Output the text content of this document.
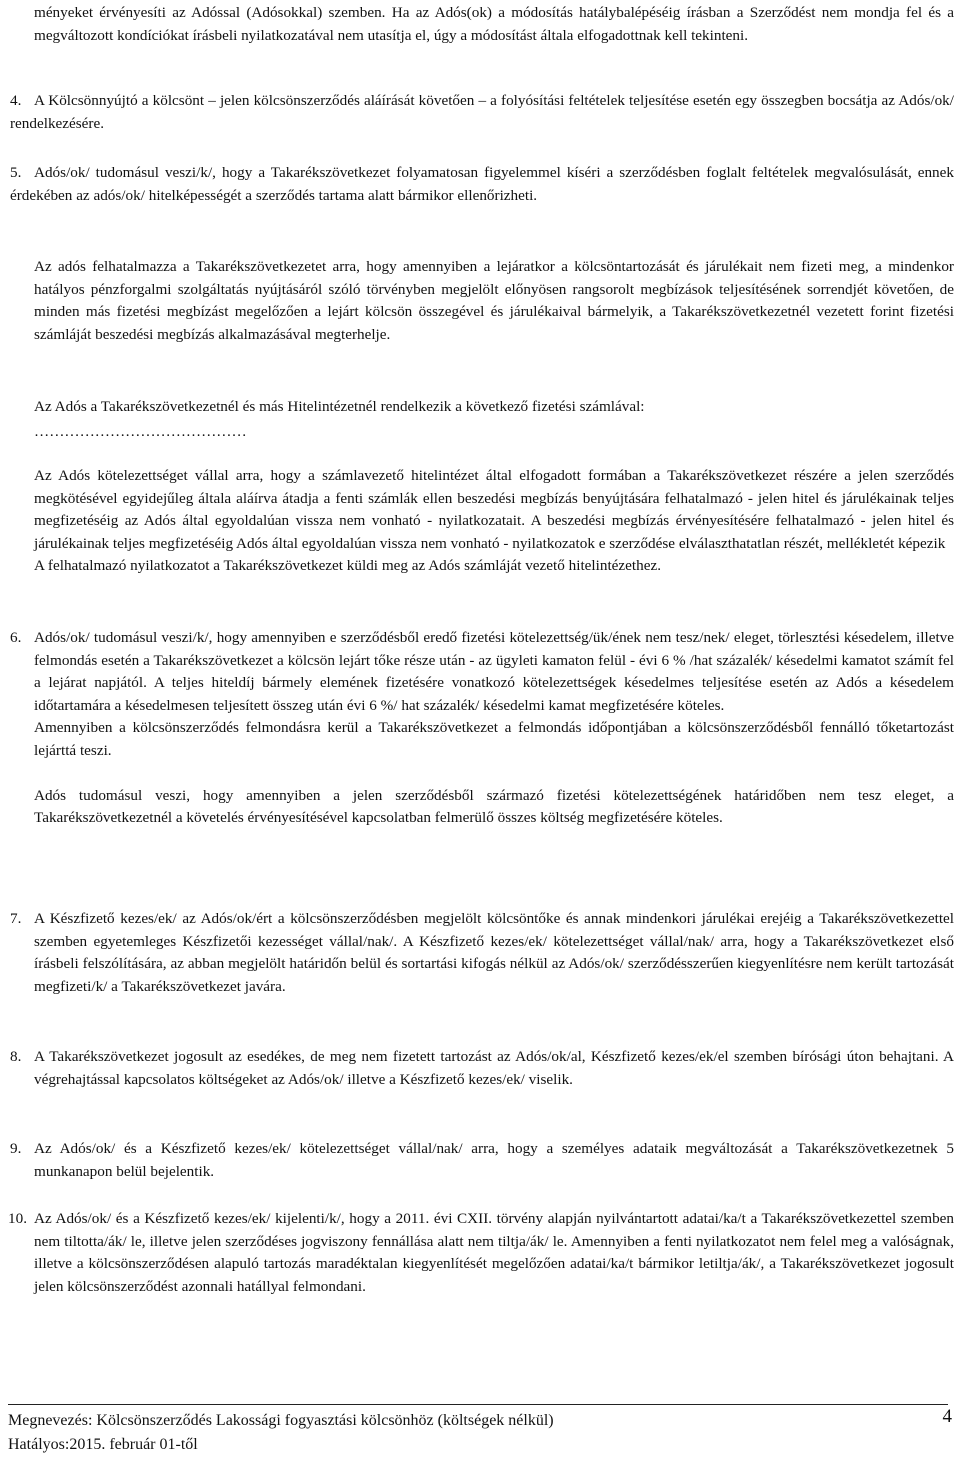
ményeket érvényesíti az Adóssal (Adósokkal) szemben. Ha az Adós(ok) a módosítás hatálybalépéséig írásban a Szerződést nem mondja fel és a megváltozott kondíciókat írásbeli nyilatkozatával nem utasítja el, úgy a módosítást általa elfogadottnak kell tekinteni.

4. A Kölcsönnyújtó a kölcsönt – jelen kölcsönszerződés aláírását követően – a folyósítási feltételek teljesítése esetén egy összegben bocsátja az Adós/ok/ rendelkezésére.

5. Adós/ok/ tudomásul veszi/k/, hogy a Takarékszövetkezet folyamatosan figyelemmel kíséri a szerződésben foglalt feltételek megvalósulását, ennek érdekében az adós/ok/ hitelképességét a szerződés tartama alatt bármikor ellenőrizheti.

Az adós felhatalmazza a Takarékszövetkezetet arra, hogy amennyiben a lejáratkor a kölcsöntartozását és járulékait nem fizeti meg, a mindenkor hatályos pénzforgalmi szolgáltatás nyújtásáról szóló törvényben megjelölt előnyösen rangsorolt megbízások teljesítésének sorrendjét követően, de minden más fizetési megbízást megelőzően a lejárt kölcsön összegével és járulékaival bármelyik, a Takarékszövetkezetnél vezetett forint fizetési számláját beszedési megbízás alkalmazásával megterhelje.

Az Adós a Takarékszövetkezetnél és más Hitelintézetnél rendelkezik a következő fizetési számlával:

……………………………………

Az Adós kötelezettséget vállal arra, hogy a számlavezető hitelintézet által elfogadott formában a Takarékszövetkezet részére a jelen szerződés megkötésével egyidejűleg általa aláírva átadja a fenti számlák ellen beszedési megbízás benyújtására felhatalmazó - jelen hitel és járulékainak teljes megfizetéséig az Adós által egyoldalúan vissza nem vonható - nyilatkozatait. A beszedési megbízás érvényesítésére felhatalmazó - jelen hitel és járulékainak teljes megfizetéséig Adós által egyoldalúan vissza nem vonható - nyilatkozatok e szerződése elválaszthatatlan részét, mellékletét képezik

A felhatalmazó nyilatkozatot a Takarékszövetkezet küldi meg az Adós számláját vezető hitelintézethez.

6. Adós/ok/ tudomásul veszi/k/, hogy amennyiben e szerződésből eredő fizetési kötelezettség/ük/ének nem tesz/nek/ eleget, törlesztési késedelem, illetve felmondás esetén a Takarékszövetkezet a kölcsön lejárt tőke része után - az ügyleti kamaton felül - évi 6 % /hat százalék/ késedelmi kamatot számít fel a lejárat napjától. A teljes hiteldíj bármely elemének fizetésére vonatkozó kötelezettségek késedelmes teljesítése esetén az Adós a késedelem időtartamára a késedelmesen teljesített összeg után évi 6 %/ hat százalék/ késedelmi kamat megfizetésére köteles.

Amennyiben a kölcsönszerződés felmondásra kerül a Takarékszövetkezet a felmondás időpontjában a kölcsönszerződésből fennálló tőketartozást lejárttá teszi.

Adós tudomásul veszi, hogy amennyiben a jelen szerződésből származó fizetési kötelezettségének határidőben nem tesz eleget, a Takarékszövetkezetnél a követelés érvényesítésével kapcsolatban felmerülő összes költség megfizetésére köteles.

7. A Készfizető kezes/ek/ az Adós/ok/ért a kölcsönszerződésben megjelölt kölcsöntőke és annak mindenkori járulékai erejéig a Takarékszövetkezettel szemben egyetemleges Készfizetői kezességet vállal/nak/. A Készfizető kezes/ek/ kötelezettséget vállal/nak/ arra, hogy a Takarékszövetkezet első írásbeli felszólítására, az abban megjelölt határidőn belül és sortartási kifogás nélkül az Adós/ok/ szerződésszerűen kiegyenlítésre nem került tartozását megfizeti/k/ a Takarékszövetkezet javára.

8. A Takarékszövetkezet jogosult az esedékes, de meg nem fizetett tartozást az Adós/ok/al, Készfizető kezes/ek/el szemben bírósági úton behajtani. A végrehajtással kapcsolatos költségeket az Adós/ok/ illetve a Készfizető kezes/ek/ viselik.

9. Az Adós/ok/ és a Készfizető kezes/ek/ kötelezettséget vállal/nak/ arra, hogy a személyes adataik megváltozását a Takarékszövetkezetnek 5 munkanapon belül bejelentik.

10. Az Adós/ok/ és a Készfizető kezes/ek/ kijelenti/k/, hogy a 2011. évi CXII. törvény alapján nyilvántartott adatai/ka/t a Takarékszövetkezettel szemben nem tiltotta/ák/ le, illetve jelen szerződéses jogviszony fennállása alatt nem tiltja/ák/ le. Amennyiben a fenti nyilatkozatot nem felel meg a valóságnak, illetve a kölcsönszerződésen alapuló tartozás maradéktalan kiegyenlítését megelőzően adatai/ka/t bármikor letiltja/ák/, a Takarékszövetkezet jogosult jelen kölcsönszerződést azonnali hatállyal felmondani.

Megnevezés: Kölcsönszerződés Lakossági fogyasztási kölcsönhöz (költségek nélkül)
Hatályos:2015. február 01-től
4
